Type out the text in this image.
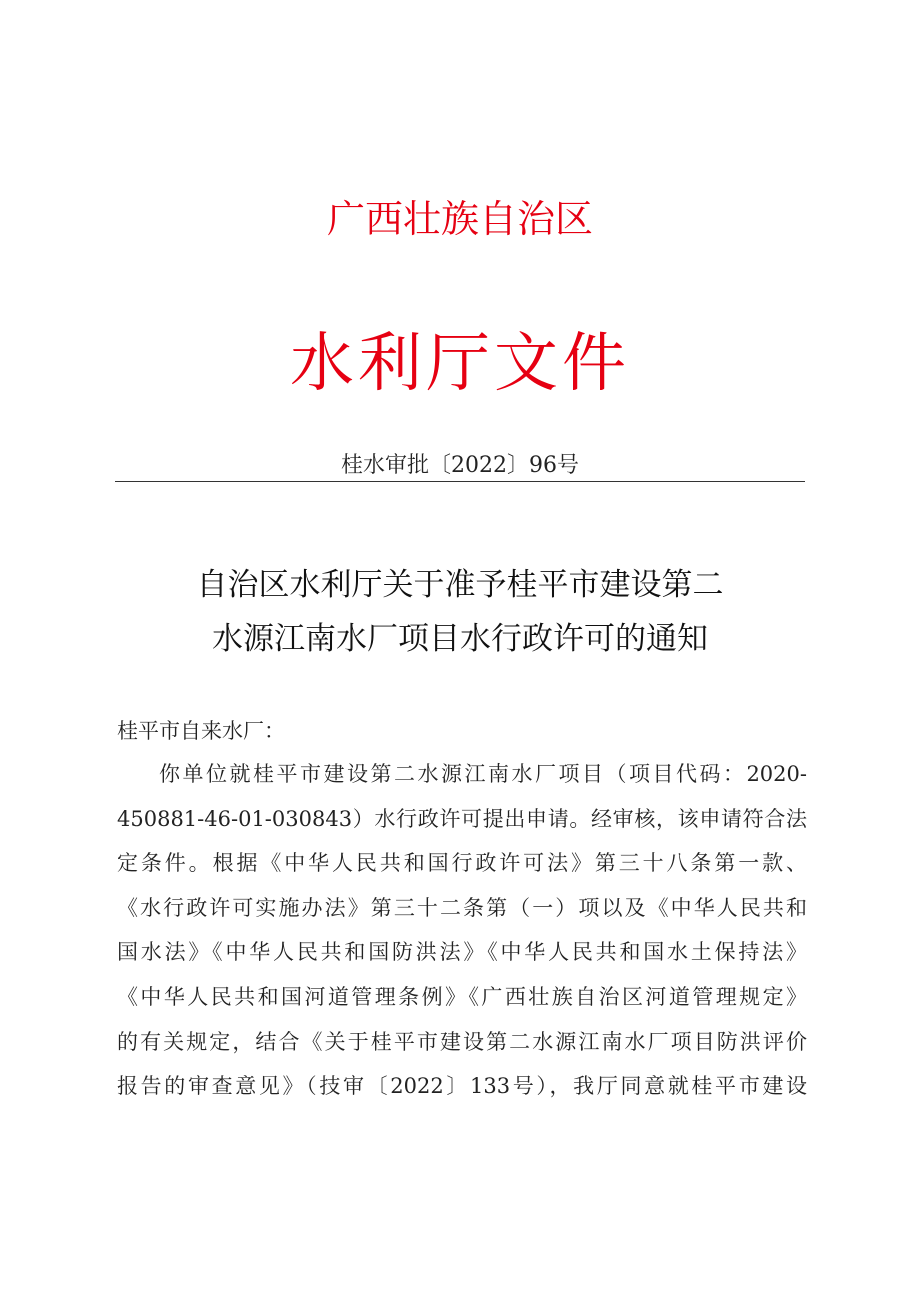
广西壮族自治区
水利厅文件
桂水审批〔2022〕96号
自治区水利厅关于准予桂平市建设第二
水源江南水厂项目水行政许可的通知
桂平市自来水厂：
你单位就桂平市建设第二水源江南水厂项目（项目代码：2020-
450881-46-01-030843）水行政许可提出申请。经审核，该申请符合法
定条件。根据《中华人民共和国行政许可法》第三十八条第一款、
《水行政许可实施办法》第三十二条第（一）项以及《中华人民共和
国水法》《中华人民共和国防洪法》《中华人民共和国水土保持法》
《中华人民共和国河道管理条例》《广西壮族自治区河道管理规定》
的有关规定，结合《关于桂平市建设第二水源江南水厂项目防洪评价
报告的审查意见》（技审〔2022〕133号），我厅同意就桂平市建设
